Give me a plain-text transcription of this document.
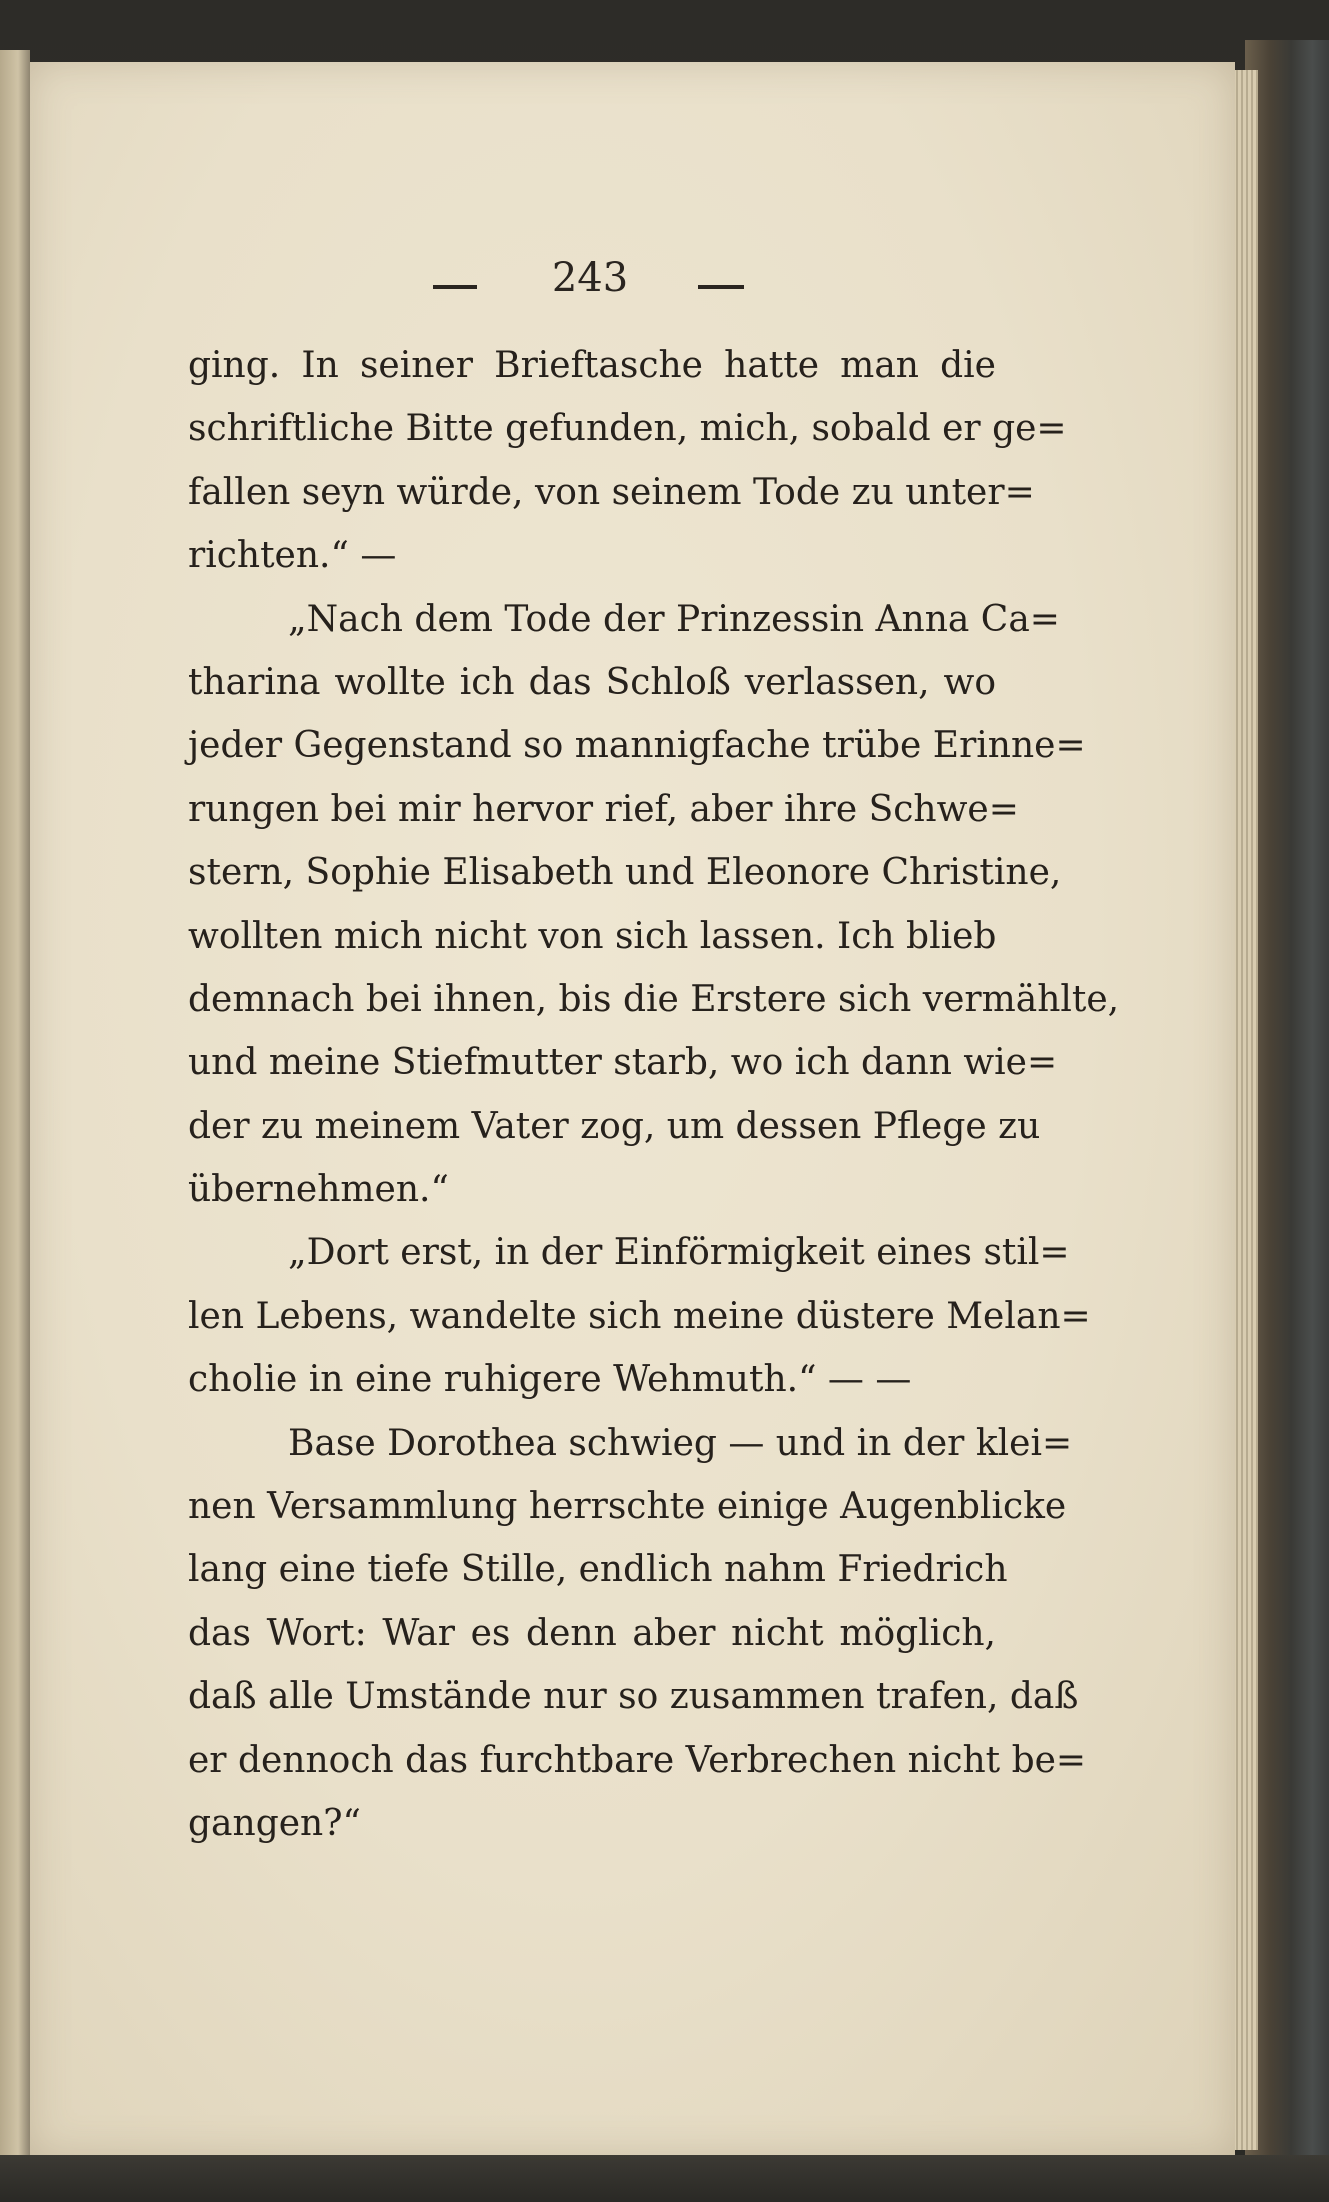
243
ging. In seiner Brieftasche hatte man die
schriftliche Bitte gefunden, mich, sobald er ge=
fallen seyn würde, von seinem Tode zu unter=
richten.“ —
„Nach dem Tode der Prinzessin Anna Ca=
tharina wollte ich das Schloß verlassen, wo
jeder Gegenstand so mannigfache trübe Erinne=
rungen bei mir hervor rief, aber ihre Schwe=
stern, Sophie Elisabeth und Eleonore Christine,
wollten mich nicht von sich lassen. Ich blieb
demnach bei ihnen, bis die Erstere sich vermählte,
und meine Stiefmutter starb, wo ich dann wie=
der zu meinem Vater zog, um dessen Pflege zu
übernehmen.“
„Dort erst, in der Einförmigkeit eines stil=
len Lebens, wandelte sich meine düstere Melan=
cholie in eine ruhigere Wehmuth.“ — —
Base Dorothea schwieg — und in der klei=
nen Versammlung herrschte einige Augenblicke
lang eine tiefe Stille, endlich nahm Friedrich
das Wort: War es denn aber nicht möglich,
daß alle Umstände nur so zusammen trafen, daß
er dennoch das furchtbare Verbrechen nicht be=
gangen?“
